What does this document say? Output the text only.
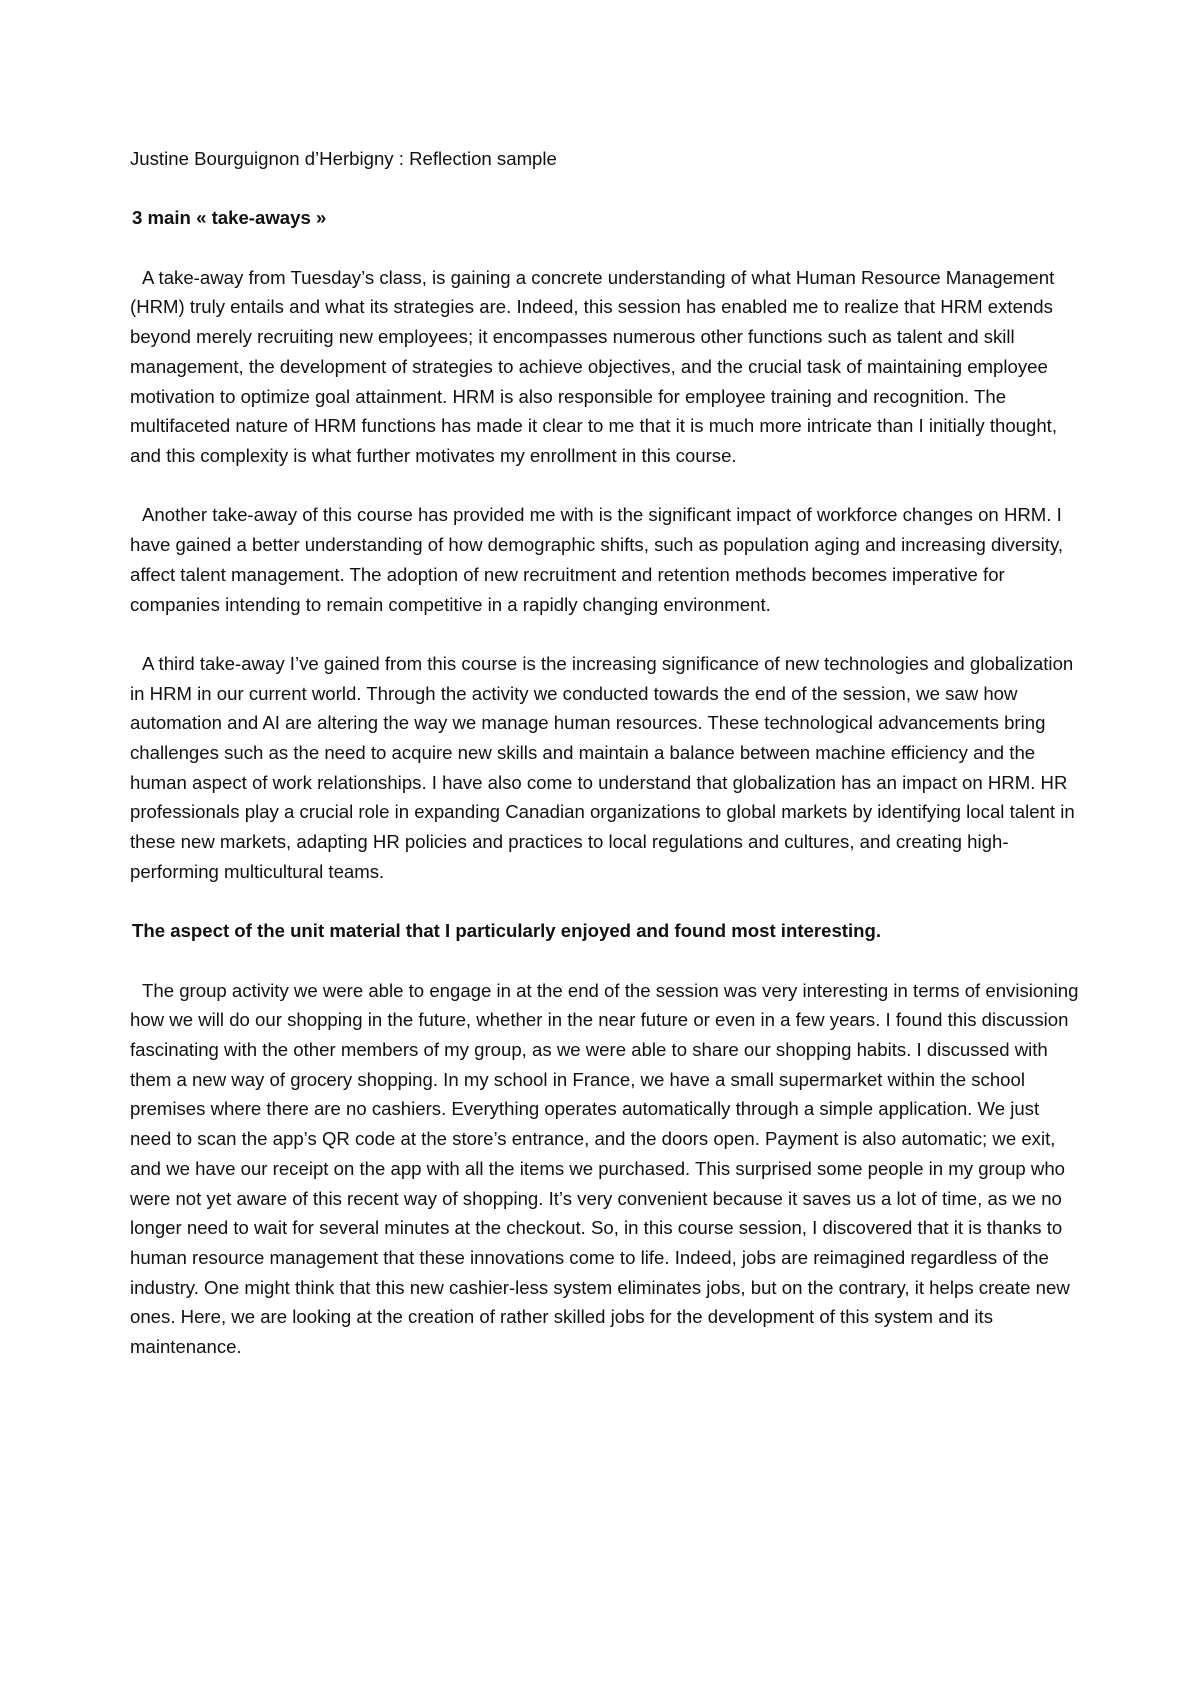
Justine Bourguignon d’Herbigny : Reflection sample

3 main « take-aways »

A take-away from Tuesday’s class, is gaining a concrete understanding of what Human Resource Management (HRM) truly entails and what its strategies are. Indeed, this session has enabled me to realize that HRM extends beyond merely recruiting new employees; it encompasses numerous other functions such as talent and skill management, the development of strategies to achieve objectives, and the crucial task of maintaining employee motivation to optimize goal attainment. HRM is also responsible for employee training and recognition. The multifaceted nature of HRM functions has made it clear to me that it is much more intricate than I initially thought, and this complexity is what further motivates my enrollment in this course.

Another take-away of this course has provided me with is the significant impact of workforce changes on HRM. I have gained a better understanding of how demographic shifts, such as population aging and increasing diversity, affect talent management. The adoption of new recruitment and retention methods becomes imperative for companies intending to remain competitive in a rapidly changing environment.

A third take-away I’ve gained from this course is the increasing significance of new technologies and globalization in HRM in our current world. Through the activity we conducted towards the end of the session, we saw how automation and AI are altering the way we manage human resources. These technological advancements bring challenges such as the need to acquire new skills and maintain a balance between machine efficiency and the human aspect of work relationships. I have also come to understand that globalization has an impact on HRM. HR professionals play a crucial role in expanding Canadian organizations to global markets by identifying local talent in these new markets, adapting HR policies and practices to local regulations and cultures, and creating high-performing multicultural teams.

The aspect of the unit material that I particularly enjoyed and found most interesting.

The group activity we were able to engage in at the end of the session was very interesting in terms of envisioning how we will do our shopping in the future, whether in the near future or even in a few years. I found this discussion fascinating with the other members of my group, as we were able to share our shopping habits. I discussed with them a new way of grocery shopping. In my school in France, we have a small supermarket within the school premises where there are no cashiers. Everything operates automatically through a simple application. We just need to scan the app’s QR code at the store’s entrance, and the doors open. Payment is also automatic; we exit, and we have our receipt on the app with all the items we purchased. This surprised some people in my group who were not yet aware of this recent way of shopping. It’s very convenient because it saves us a lot of time, as we no longer need to wait for several minutes at the checkout. So, in this course session, I discovered that it is thanks to human resource management that these innovations come to life. Indeed, jobs are reimagined regardless of the industry. One might think that this new cashier-less system eliminates jobs, but on the contrary, it helps create new ones. Here, we are looking at the creation of rather skilled jobs for the development of this system and its maintenance.
